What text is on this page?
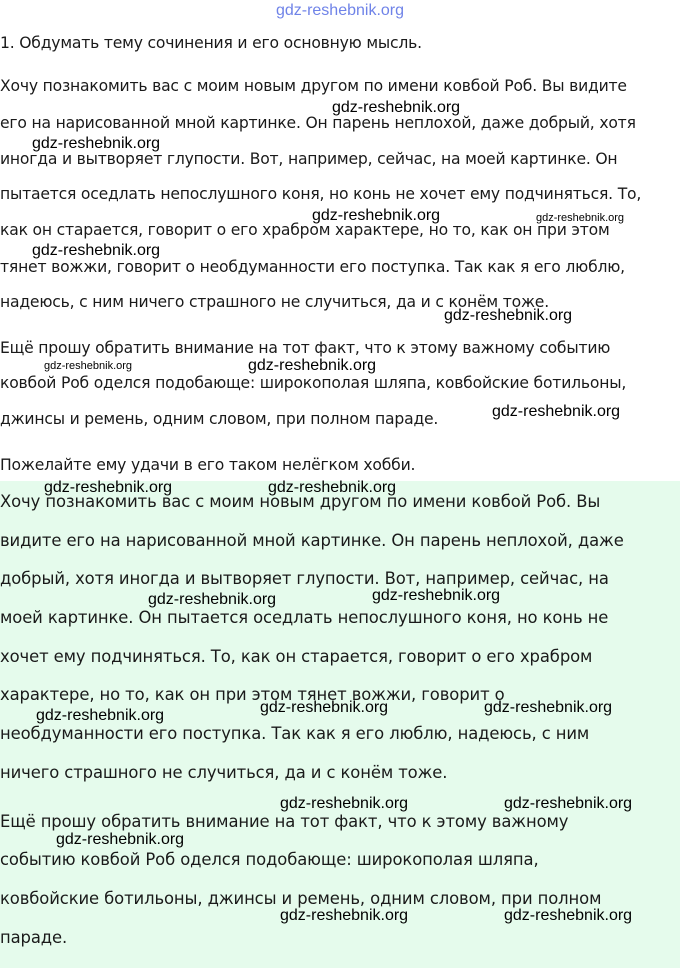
gdz-reshebnik.org
1. Обдумать тему сочинения и его основную мысль.
Хочу познакомить вас с моим новым другом по имени ковбой Роб. Вы видите
его на нарисованной мной картинке. Он парень неплохой, даже добрый, хотя
иногда и вытворяет глупости. Вот, например, сейчас, на моей картинке. Он
пытается оседлать непослушного коня, но конь не хочет ему подчиняться. То,
как он старается, говорит о его храбром характере, но то, как он при этом
тянет вожжи, говорит о необдуманности его поступка. Так как я его люблю,
надеюсь, с ним ничего страшного не случиться, да и с конём тоже.
Ещё прошу обратить внимание на тот факт, что к этому важному событию
ковбой Роб оделся подобающе: широкополая шляпа, ковбойские ботильоны,
джинсы и ремень, одним словом, при полном параде.
Пожелайте ему удачи в его таком нелёгком хобби.
Хочу познакомить вас с моим новым другом по имени ковбой Роб. Вы
видите его на нарисованной мной картинке. Он парень неплохой, даже
добрый, хотя иногда и вытворяет глупости. Вот, например, сейчас, на
моей картинке. Он пытается оседлать непослушного коня, но конь не
хочет ему подчиняться. То, как он старается, говорит о его храбром
характере, но то, как он при этом тянет вожжи, говорит о
необдуманности его поступка. Так как я его люблю, надеюсь, с ним
ничего страшного не случиться, да и с конём тоже.
Ещё прошу обратить внимание на тот факт, что к этому важному
событию ковбой Роб оделся подобающе: широкополая шляпа,
ковбойские ботильоны, джинсы и ремень, одним словом, при полном
параде.
gdz-reshebnik.org
gdz-reshebnik.org
gdz-reshebnik.org	gdz-reshebnik.org
gdz-reshebnik.org
gdz-reshebnik.org
gdz-reshebnik.org	gdz-reshebnik.org
gdz-reshebnik.org
gdz-reshebnik.org	gdz-reshebnik.org
gdz-reshebnik.org	gdz-reshebnik.org
gdz-reshebnik.org	gdz-reshebnik.org	gdz-reshebnik.org
gdz-reshebnik.org	gdz-reshebnik.org
gdz-reshebnik.org
gdz-reshebnik.org	gdz-reshebnik.org
